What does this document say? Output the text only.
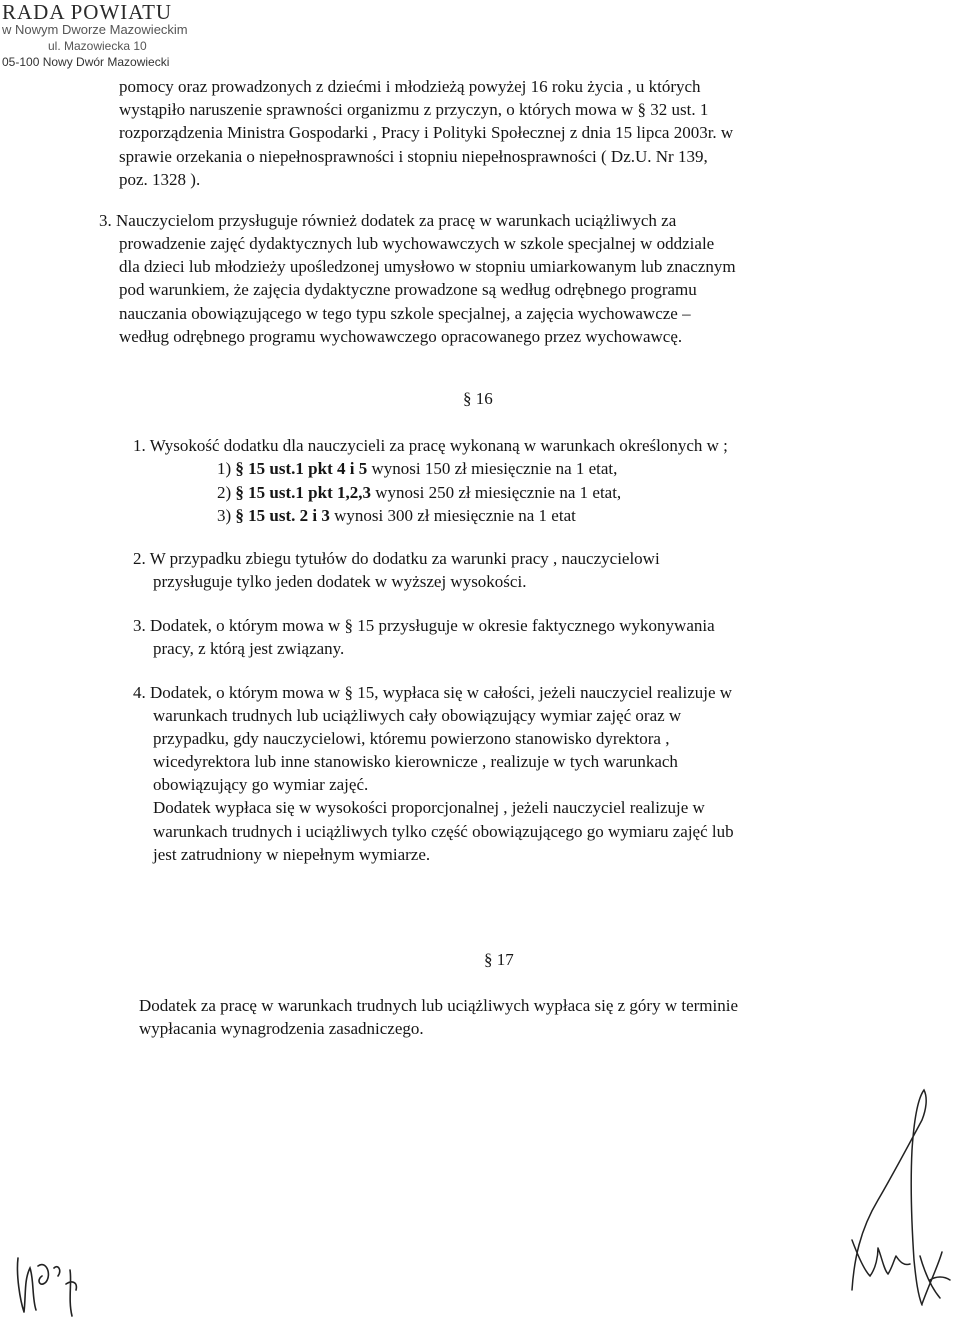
RADA POWIATU
w Nowym Dworze Mazowieckim
ul. Mazowiecka 10
05-100 Nowy Dwór Mazowiecki
pomocy oraz prowadzonych z dziećmi i młodzieżą powyżej 16 roku życia , u których
wystąpiło naruszenie sprawności organizmu z przyczyn, o których mowa w § 32 ust. 1
rozporządzenia Ministra Gospodarki , Pracy i Polityki Społecznej z dnia 15 lipca 2003r. w
sprawie orzekania o niepełnosprawności i stopniu niepełnosprawności ( Dz.U. Nr 139,
poz. 1328 ).
3. Nauczycielom przysługuje również dodatek za pracę w warunkach uciążliwych za
prowadzenie zajęć dydaktycznych lub wychowawczych w szkole specjalnej w oddziale
dla dzieci lub młodzieży upośledzonej umysłowo w stopniu umiarkowanym lub znacznym
pod warunkiem, że zajęcia dydaktyczne prowadzone są według odrębnego programu
nauczania obowiązującego w tego typu szkole specjalnej, a zajęcia wychowawcze –
według odrębnego programu wychowawczego opracowanego przez wychowawcę.
§ 16
1. Wysokość dodatku dla nauczycieli za pracę wykonaną w warunkach określonych w ;
1) § 15 ust.1 pkt 4 i 5 wynosi 150 zł miesięcznie na 1 etat,
2) § 15 ust.1 pkt 1,2,3 wynosi 250 zł miesięcznie na 1 etat,
3) § 15 ust. 2 i 3 wynosi 300 zł miesięcznie na 1 etat
2. W przypadku zbiegu tytułów do dodatku za warunki pracy , nauczycielowi
przysługuje tylko jeden dodatek w wyższej wysokości.
3. Dodatek, o którym mowa w § 15 przysługuje w okresie faktycznego wykonywania
pracy, z którą jest związany.
4. Dodatek, o którym mowa w § 15, wypłaca się w całości, jeżeli nauczyciel realizuje w
warunkach trudnych lub uciążliwych cały obowiązujący wymiar zajęć oraz w
przypadku, gdy nauczycielowi, któremu powierzono stanowisko dyrektora ,
wicedyrektora lub inne stanowisko kierownicze , realizuje w tych warunkach
obowiązujący go wymiar zajęć.
Dodatek wypłaca się w wysokości proporcjonalnej , jeżeli nauczyciel realizuje w
warunkach trudnych i uciążliwych tylko część obowiązującego go wymiaru zajęć lub
jest zatrudniony w niepełnym wymiarze.
§ 17
Dodatek za pracę w warunkach trudnych lub uciążliwych wypłaca się z góry w terminie
wypłacania wynagrodzenia zasadniczego.
